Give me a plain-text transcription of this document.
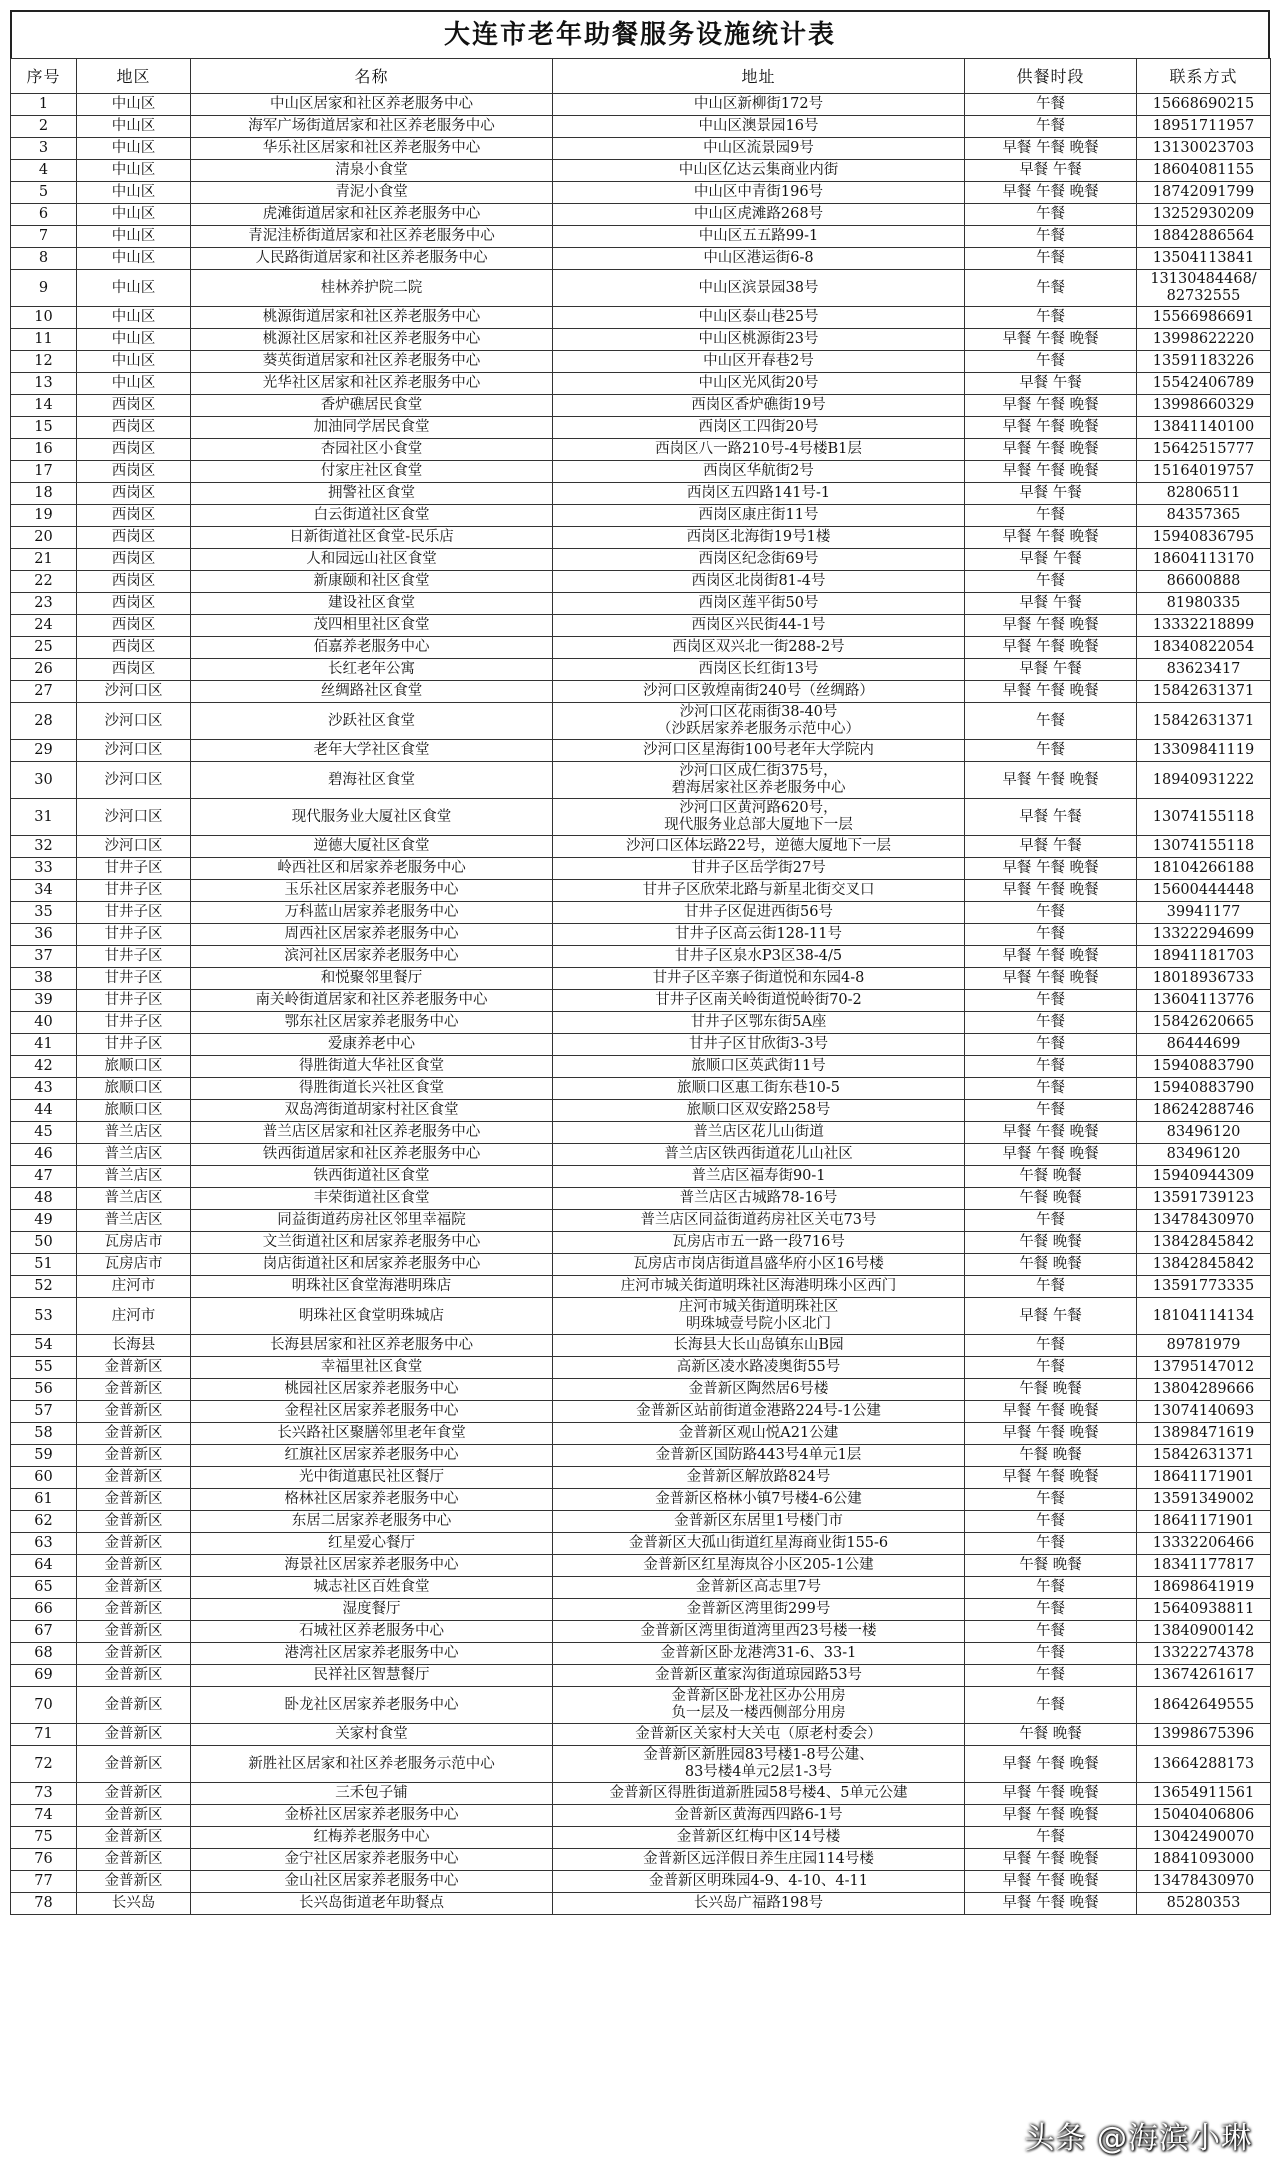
大连市老年助餐服务设施统计表
序号	地区	名称	地址	供餐时段	联系方式
1	中山区	中山区居家和社区养老服务中心	中山区新柳街172号	午餐	15668690215
2	中山区	海军广场街道居家和社区养老服务中心	中山区澳景园16号	午餐	18951711957
3	中山区	华乐社区居家和社区养老服务中心	中山区流景园9号	早餐 午餐 晚餐	13130023703
4	中山区	清泉小食堂	中山区亿达云集商业内街	早餐 午餐	18604081155
5	中山区	青泥小食堂	中山区中青街196号	早餐 午餐 晚餐	18742091799
6	中山区	虎滩街道居家和社区养老服务中心	中山区虎滩路268号	午餐	13252930209
7	中山区	青泥洼桥街道居家和社区养老服务中心	中山区五五路99-1	午餐	18842886564
8	中山区	人民路街道居家和社区养老服务中心	中山区港运街6-8	午餐	13504113841
9	中山区	桂林养护院二院	中山区滨景园38号	午餐	13130484468/
82732555
10	中山区	桃源街道居家和社区养老服务中心	中山区泰山巷25号	午餐	15566986691
11	中山区	桃源社区居家和社区养老服务中心	中山区桃源街23号	早餐 午餐 晚餐	13998622220
12	中山区	葵英街道居家和社区养老服务中心	中山区开春巷2号	午餐	13591183226
13	中山区	光华社区居家和社区养老服务中心	中山区光风街20号	早餐 午餐	15542406789
14	西岗区	香炉礁居民食堂	西岗区香炉礁街19号	早餐 午餐 晚餐	13998660329
15	西岗区	加油同学居民食堂	西岗区工四街20号	早餐 午餐 晚餐	13841140100
16	西岗区	杏园社区小食堂	西岗区八一路210号-4号楼B1层	早餐 午餐 晚餐	15642515777
17	西岗区	付家庄社区食堂	西岗区华航街2号	早餐 午餐 晚餐	15164019757
18	西岗区	拥警社区食堂	西岗区五四路141号-1	早餐 午餐	82806511
19	西岗区	白云街道社区食堂	西岗区康庄街11号	午餐	84357365
20	西岗区	日新街道社区食堂-民乐店	西岗区北海街19号1楼	早餐 午餐 晚餐	15940836795
21	西岗区	人和园远山社区食堂	西岗区纪念街69号	早餐 午餐	18604113170
22	西岗区	新康颐和社区食堂	西岗区北岗街81-4号	午餐	86600888
23	西岗区	建设社区食堂	西岗区莲平街50号	早餐 午餐	81980335
24	西岗区	茂四相里社区食堂	西岗区兴民街44-1号	早餐 午餐 晚餐	13332218899
25	西岗区	佰嘉养老服务中心	西岗区双兴北一街288-2号	早餐 午餐 晚餐	18340822054
26	西岗区	长红老年公寓	西岗区长红街13号	早餐 午餐	83623417
27	沙河口区	丝绸路社区食堂	沙河口区敦煌南街240号（丝绸路）	早餐 午餐 晚餐	15842631371
28	沙河口区	沙跃社区食堂	沙河口区花雨街38-40号
（沙跃居家养老服务示范中心）	午餐	15842631371
29	沙河口区	老年大学社区食堂	沙河口区星海街100号老年大学院内	午餐	13309841119
30	沙河口区	碧海社区食堂	沙河口区成仁街375号，
碧海居家社区养老服务中心	早餐 午餐 晚餐	18940931222
31	沙河口区	现代服务业大厦社区食堂	沙河口区黄河路620号，
现代服务业总部大厦地下一层	早餐 午餐	13074155118
32	沙河口区	逆德大厦社区食堂	沙河口区体坛路22号，逆德大厦地下一层	早餐 午餐	13074155118
33	甘井子区	岭西社区和居家养老服务中心	甘井子区岳学街27号	早餐 午餐 晚餐	18104266188
34	甘井子区	玉乐社区居家养老服务中心	甘井子区欣荣北路与新星北街交叉口	早餐 午餐 晚餐	15600444448
35	甘井子区	万科蓝山居家养老服务中心	甘井子区促进西街56号	午餐	39941177
36	甘井子区	周西社区居家养老服务中心	甘井子区高云街128-11号	午餐	13322294699
37	甘井子区	滨河社区居家养老服务中心	甘井子区泉水P3区38-4/5	早餐 午餐 晚餐	18941181703
38	甘井子区	和悦聚邻里餐厅	甘井子区辛寨子街道悦和东园4-8	早餐 午餐 晚餐	18018936733
39	甘井子区	南关岭街道居家和社区养老服务中心	甘井子区南关岭街道悦岭街70-2	午餐	13604113776
40	甘井子区	鄂东社区居家养老服务中心	甘井子区鄂东街5A座	午餐	15842620665
41	甘井子区	爱康养老中心	甘井子区甘欣街3-3号	午餐	86444699
42	旅顺口区	得胜街道大华社区食堂	旅顺口区英武街11号	午餐	15940883790
43	旅顺口区	得胜街道长兴社区食堂	旅顺口区惠工街东巷10-5	午餐	15940883790
44	旅顺口区	双岛湾街道胡家村社区食堂	旅顺口区双安路258号	午餐	18624288746
45	普兰店区	普兰店区居家和社区养老服务中心	普兰店区花儿山街道	早餐 午餐 晚餐	83496120
46	普兰店区	铁西街道居家和社区养老服务中心	普兰店区铁西街道花儿山社区	早餐 午餐 晚餐	83496120
47	普兰店区	铁西街道社区食堂	普兰店区福寿街90-1	午餐 晚餐	15940944309
48	普兰店区	丰荣街道社区食堂	普兰店区古城路78-16号	午餐 晚餐	13591739123
49	普兰店区	同益街道药房社区邻里幸福院	普兰店区同益街道药房社区关屯73号	午餐	13478430970
50	瓦房店市	文兰街道社区和居家养老服务中心	瓦房店市五一路一段716号	午餐 晚餐	13842845842
51	瓦房店市	岗店街道社区和居家养老服务中心	瓦房店市岗店街道昌盛华府小区16号楼	午餐 晚餐	13842845842
52	庄河市	明珠社区食堂海港明珠店	庄河市城关街道明珠社区海港明珠小区西门	午餐	13591773335
53	庄河市	明珠社区食堂明珠城店	庄河市城关街道明珠社区
明珠城壹号院小区北门	早餐 午餐	18104114134
54	长海县	长海县居家和社区养老服务中心	长海县大长山岛镇东山B园	午餐	89781979
55	金普新区	幸福里社区食堂	高新区凌水路凌奥街55号	午餐	13795147012
56	金普新区	桃园社区居家养老服务中心	金普新区陶然居6号楼	午餐 晚餐	13804289666
57	金普新区	金程社区居家养老服务中心	金普新区站前街道金港路224号-1公建	早餐 午餐 晚餐	13074140693
58	金普新区	长兴路社区聚膳邻里老年食堂	金普新区观山悦A21公建	早餐 午餐 晚餐	13898471619
59	金普新区	红旗社区居家养老服务中心	金普新区国防路443号4单元1层	午餐 晚餐	15842631371
60	金普新区	光中街道惠民社区餐厅	金普新区解放路824号	早餐 午餐 晚餐	18641171901
61	金普新区	格林社区居家养老服务中心	金普新区格林小镇7号楼4-6公建	午餐	13591349002
62	金普新区	东居二居家养老服务中心	金普新区东居里1号楼门市	午餐	18641171901
63	金普新区	红星爱心餐厅	金普新区大孤山街道红星海商业街155-6	午餐	13332206466
64	金普新区	海景社区居家养老服务中心	金普新区红星海岚谷小区205-1公建	午餐 晚餐	18341177817
65	金普新区	城志社区百姓食堂	金普新区高志里7号	午餐	18698641919
66	金普新区	湿度餐厅	金普新区湾里街299号	午餐	15640938811
67	金普新区	石城社区养老服务中心	金普新区湾里街道湾里西23号楼一楼	午餐	13840900142
68	金普新区	港湾社区居家养老服务中心	金普新区卧龙港湾31-6、33-1	午餐	13322274378
69	金普新区	民祥社区智慧餐厅	金普新区董家沟街道琼园路53号	午餐	13674261617
70	金普新区	卧龙社区居家养老服务中心	金普新区卧龙社区办公用房
负一层及一楼西侧部分用房	午餐	18642649555
71	金普新区	关家村食堂	金普新区关家村大关屯（原老村委会）	午餐 晚餐	13998675396
72	金普新区	新胜社区居家和社区养老服务示范中心	金普新区新胜园83号楼1-8号公建、
83号楼4单元2层1-3号	早餐 午餐 晚餐	13664288173
73	金普新区	三禾包子铺	金普新区得胜街道新胜园58号楼4、5单元公建	早餐 午餐 晚餐	13654911561
74	金普新区	金桥社区居家养老服务中心	金普新区黄海西四路6-1号	早餐 午餐 晚餐	15040406806
75	金普新区	红梅养老服务中心	金普新区红梅中区14号楼	午餐	13042490070
76	金普新区	金宁社区居家养老服务中心	金普新区远洋假日养生庄园114号楼	早餐 午餐 晚餐	18841093000
77	金普新区	金山社区居家养老服务中心	金普新区明珠园4-9、4-10、4-11	早餐 午餐 晚餐	13478430970
78	长兴岛	长兴岛街道老年助餐点	长兴岛广福路198号	早餐 午餐 晚餐	85280353
头条 @海滨小琳
